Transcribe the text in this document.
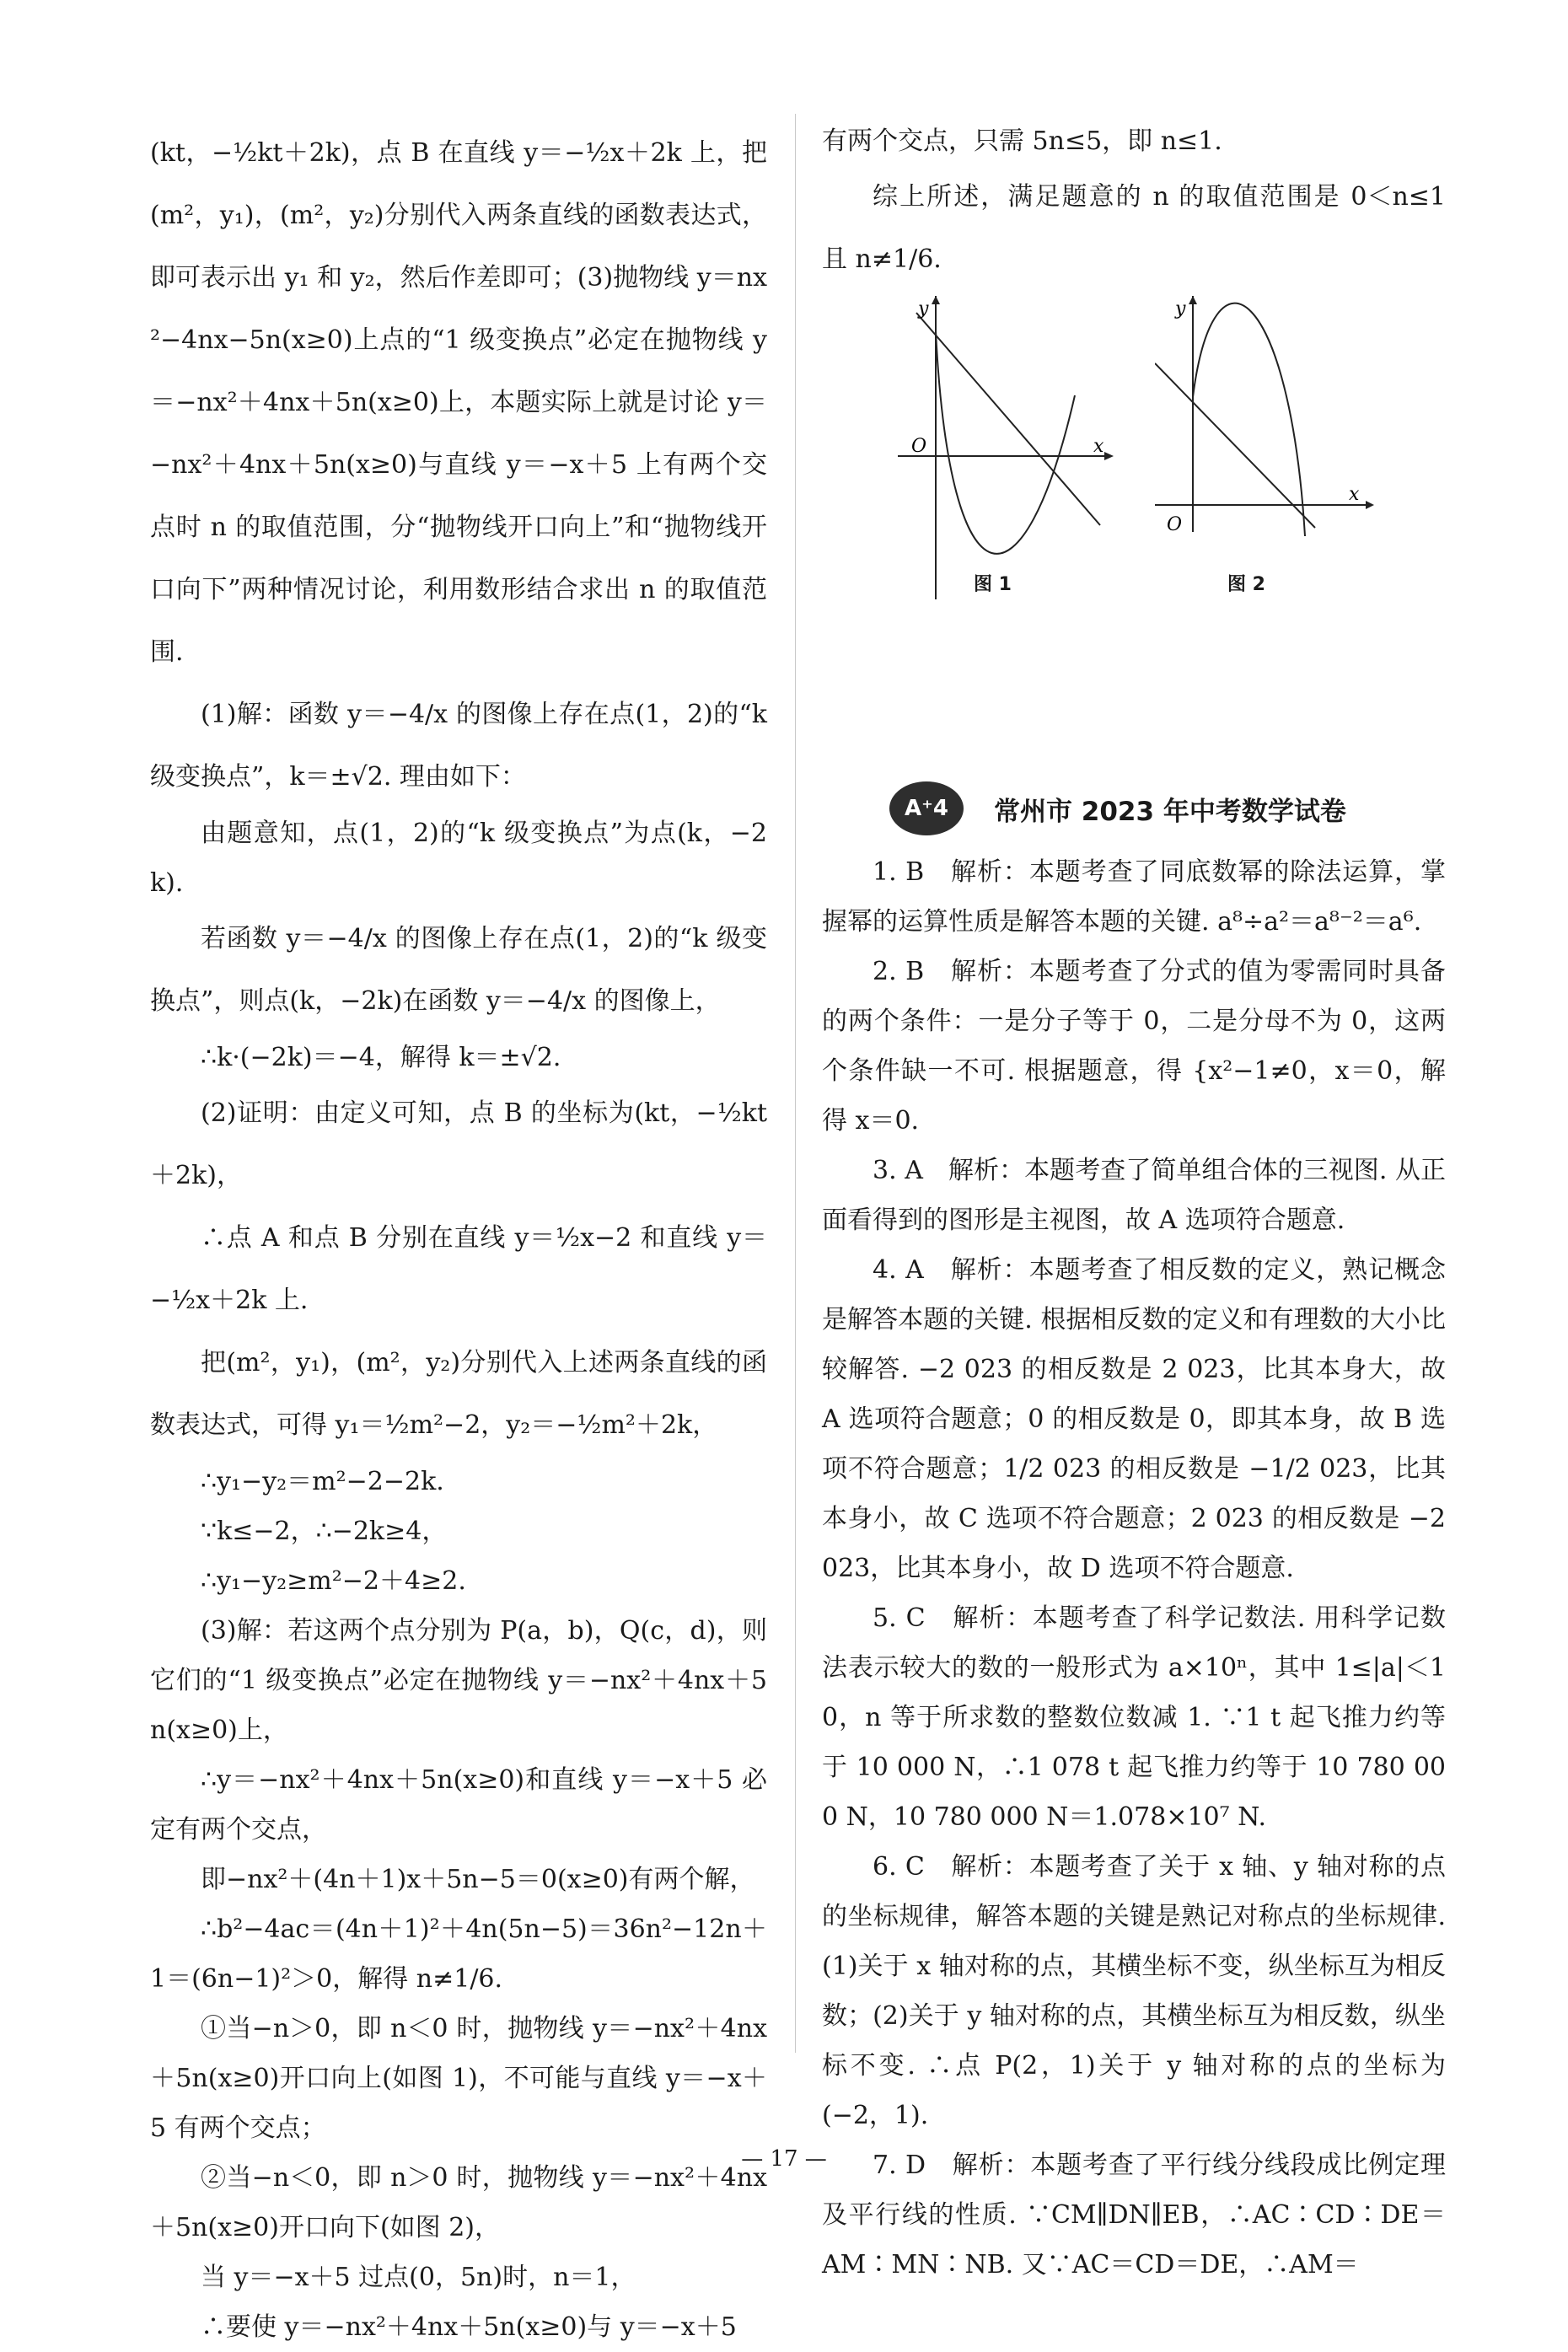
(kt，−½kt＋2k)，点 B 在直线 y＝−½x＋2k 上，把(m²，y₁)，(m²，y₂)分别代入两条直线的函数表达式，即可表示出 y₁ 和 y₂，然后作差即可；(3)抛物线 y＝nx²−4nx−5n(x≥0)上点的“1 级变换点”必定在抛物线 y＝−nx²＋4nx＋5n(x≥0)上，本题实际上就是讨论 y＝−nx²＋4nx＋5n(x≥0)与直线 y＝−x＋5 上有两个交点时 n 的取值范围，分“抛物线开口向上”和“抛物线开口向下”两种情况讨论，利用数形结合求出 n 的取值范围.

(1)解：函数 y＝−4/x 的图像上存在点(1，2)的“k 级变换点”，k＝±√2. 理由如下：

由题意知，点(1，2)的“k 级变换点”为点(k，−2k).

若函数 y＝−4/x 的图像上存在点(1，2)的“k 级变换点”，则点(k，−2k)在函数 y＝−4/x 的图像上，

∴k·(−2k)＝−4，解得 k＝±√2.

(2)证明：由定义可知，点 B 的坐标为(kt，−½kt＋2k)，

∴点 A 和点 B 分别在直线 y＝½x−2 和直线 y＝−½x＋2k 上.

把(m²，y₁)，(m²，y₂)分别代入上述两条直线的函数表达式，可得 y₁＝½m²−2，y₂＝−½m²＋2k，

∴y₁−y₂＝m²−2−2k.

∵k≤−2，∴−2k≥4，

∴y₁−y₂≥m²−2＋4≥2.

(3)解：若这两个点分别为 P(a，b)，Q(c，d)，则它们的“1 级变换点”必定在抛物线 y＝−nx²＋4nx＋5n(x≥0)上，

∴y＝−nx²＋4nx＋5n(x≥0)和直线 y＝−x＋5 必定有两个交点，

即−nx²＋(4n＋1)x＋5n−5＝0(x≥0)有两个解，

∴b²−4ac＝(4n＋1)²＋4n(5n−5)＝36n²−12n＋1＝(6n−1)²＞0，解得 n≠1/6.

①当−n＞0，即 n＜0 时，抛物线 y＝−nx²＋4nx＋5n(x≥0)开口向上(如图 1)，不可能与直线 y＝−x＋5 有两个交点；

②当−n＜0，即 n＞0 时，抛物线 y＝−nx²＋4nx＋5n(x≥0)开口向下(如图 2)，

当 y＝−x＋5 过点(0，5n)时，n＝1，

∴要使 y＝−nx²＋4nx＋5n(x≥0)与 y＝−x＋5

有两个交点，只需 5n≤5，即 n≤1.

综上所述，满足题意的 n 的取值范围是 0＜n≤1 且 n≠1/6.

O	x
y
图 1
O
x
y
图 2
A⁺4	常州市 2023 年中考数学试卷

1. B　解析：本题考查了同底数幂的除法运算，掌握幂的运算性质是解答本题的关键. a⁸÷a²＝a⁸⁻²＝a⁶.

2. B　解析：本题考查了分式的值为零需同时具备的两个条件：一是分子等于 0，二是分母不为 0，这两个条件缺一不可. 根据题意，得 {x²−1≠0，x＝0，解得 x＝0.

3. A　解析：本题考查了简单组合体的三视图. 从正面看得到的图形是主视图，故 A 选项符合题意.

4. A　解析：本题考查了相反数的定义，熟记概念是解答本题的关键. 根据相反数的定义和有理数的大小比较解答. −2 023 的相反数是 2 023，比其本身大，故 A 选项符合题意；0 的相反数是 0，即其本身，故 B 选项不符合题意；1/2 023 的相反数是 −1/2 023，比其本身小，故 C 选项不符合题意；2 023 的相反数是 −2 023，比其本身小，故 D 选项不符合题意.

5. C　解析：本题考查了科学记数法. 用科学记数法表示较大的数的一般形式为 a×10ⁿ，其中 1≤|a|＜10，n 等于所求数的整数位数减 1. ∵1 t 起飞推力约等于 10 000 N，∴1 078 t 起飞推力约等于 10 780 000 N，10 780 000 N＝1.078×10⁷ N.

6. C　解析：本题考查了关于 x 轴、y 轴对称的点的坐标规律，解答本题的关键是熟记对称点的坐标规律. (1)关于 x 轴对称的点，其横坐标不变，纵坐标互为相反数；(2)关于 y 轴对称的点，其横坐标互为相反数，纵坐标不变. ∴点 P(2，1)关于 y 轴对称的点的坐标为(−2，1).

7. D　解析：本题考查了平行线分线段成比例定理及平行线的性质. ∵CM∥DN∥EB，∴AC∶CD∶DE＝AM∶MN∶NB. 又∵AC＝CD＝DE，∴AM＝

— 17 —
